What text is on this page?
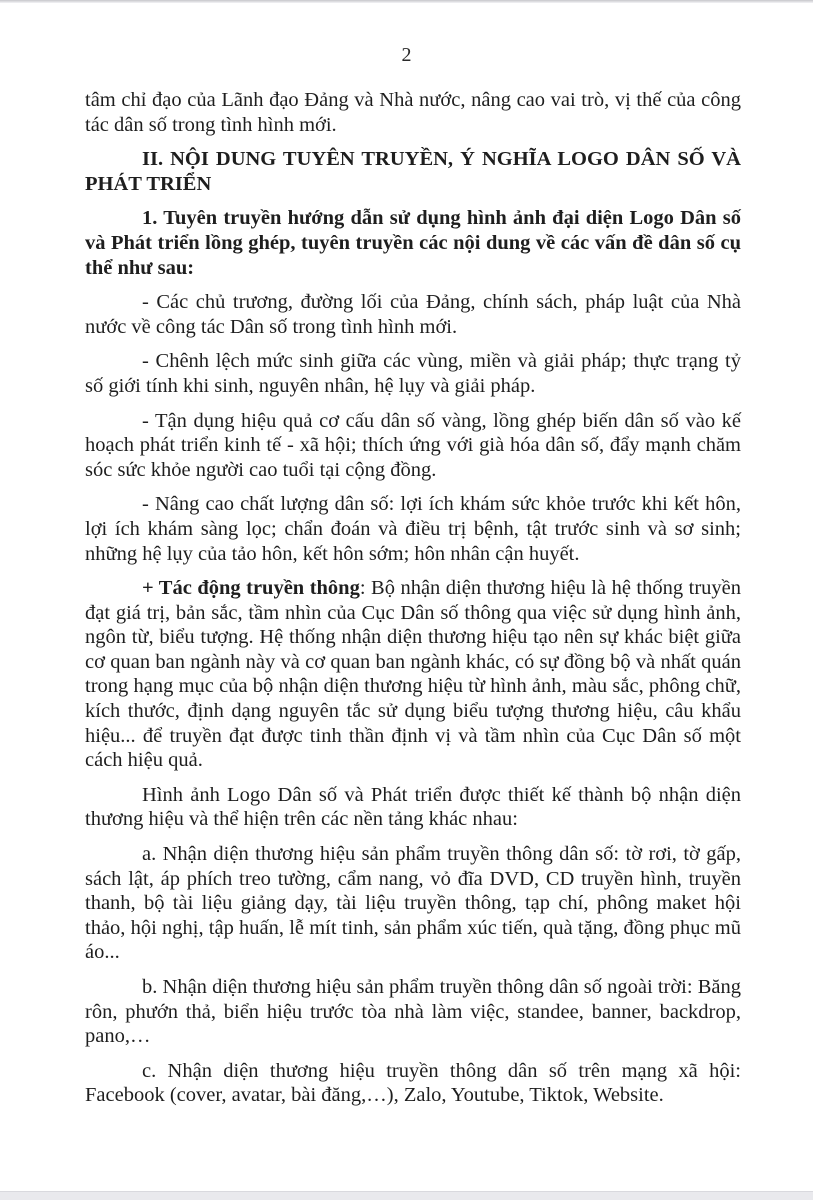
2

tâm chỉ đạo của Lãnh đạo Đảng và Nhà nước, nâng cao vai trò, vị thế của công tác dân số trong tình hình mới.

II. NỘI DUNG TUYÊN TRUYỀN, Ý NGHĨA LOGO DÂN SỐ VÀ PHÁT TRIỂN

1. Tuyên truyền hướng dẫn sử dụng hình ảnh đại diện Logo Dân số và Phát triển lồng ghép, tuyên truyền các nội dung về các vấn đề dân số cụ thể như sau:

- Các chủ trương, đường lối của Đảng, chính sách, pháp luật của Nhà nước về công tác Dân số trong tình hình mới.

- Chênh lệch mức sinh giữa các vùng, miền và giải pháp; thực trạng tỷ số giới tính khi sinh, nguyên nhân, hệ lụy và giải pháp.

- Tận dụng hiệu quả cơ cấu dân số vàng, lồng ghép biến dân số vào kế hoạch phát triển kinh tế - xã hội; thích ứng với già hóa dân số, đẩy mạnh chăm sóc sức khỏe người cao tuổi tại cộng đồng.

- Nâng cao chất lượng dân số: lợi ích khám sức khỏe trước khi kết hôn, lợi ích khám sàng lọc; chẩn đoán và điều trị bệnh, tật trước sinh và sơ sinh; những hệ lụy của tảo hôn, kết hôn sớm; hôn nhân cận huyết.

+ Tác động truyền thông: Bộ nhận diện thương hiệu là hệ thống truyền đạt giá trị, bản sắc, tầm nhìn của Cục Dân số thông qua việc sử dụng hình ảnh, ngôn từ, biểu tượng. Hệ thống nhận diện thương hiệu tạo nên sự khác biệt giữa cơ quan ban ngành này và cơ quan ban ngành khác, có sự đồng bộ và nhất quán trong hạng mục của bộ nhận diện thương hiệu từ hình ảnh, màu sắc, phông chữ, kích thước, định dạng nguyên tắc sử dụng biểu tượng thương hiệu, câu khẩu hiệu... để truyền đạt được tinh thần định vị và tầm nhìn của Cục Dân số một cách hiệu quả.

Hình ảnh Logo Dân số và Phát triển được thiết kế thành bộ nhận diện thương hiệu và thể hiện trên các nền tảng khác nhau:

a. Nhận diện thương hiệu sản phẩm truyền thông dân số: tờ rơi, tờ gấp, sách lật, áp phích treo tường, cẩm nang, vỏ đĩa DVD, CD truyền hình, truyền thanh, bộ tài liệu giảng dạy, tài liệu truyền thông, tạp chí, phông maket hội thảo, hội nghị, tập huấn, lễ mít tinh, sản phẩm xúc tiến, quà tặng, đồng phục mũ áo...

b. Nhận diện thương hiệu sản phẩm truyền thông dân số ngoài trời: Băng rôn, phướn thả, biển hiệu trước tòa nhà làm việc, standee, banner, backdrop, pano,…

c. Nhận diện thương hiệu truyền thông dân số trên mạng xã hội: Facebook (cover, avatar, bài đăng,…), Zalo, Youtube, Tiktok, Website.
